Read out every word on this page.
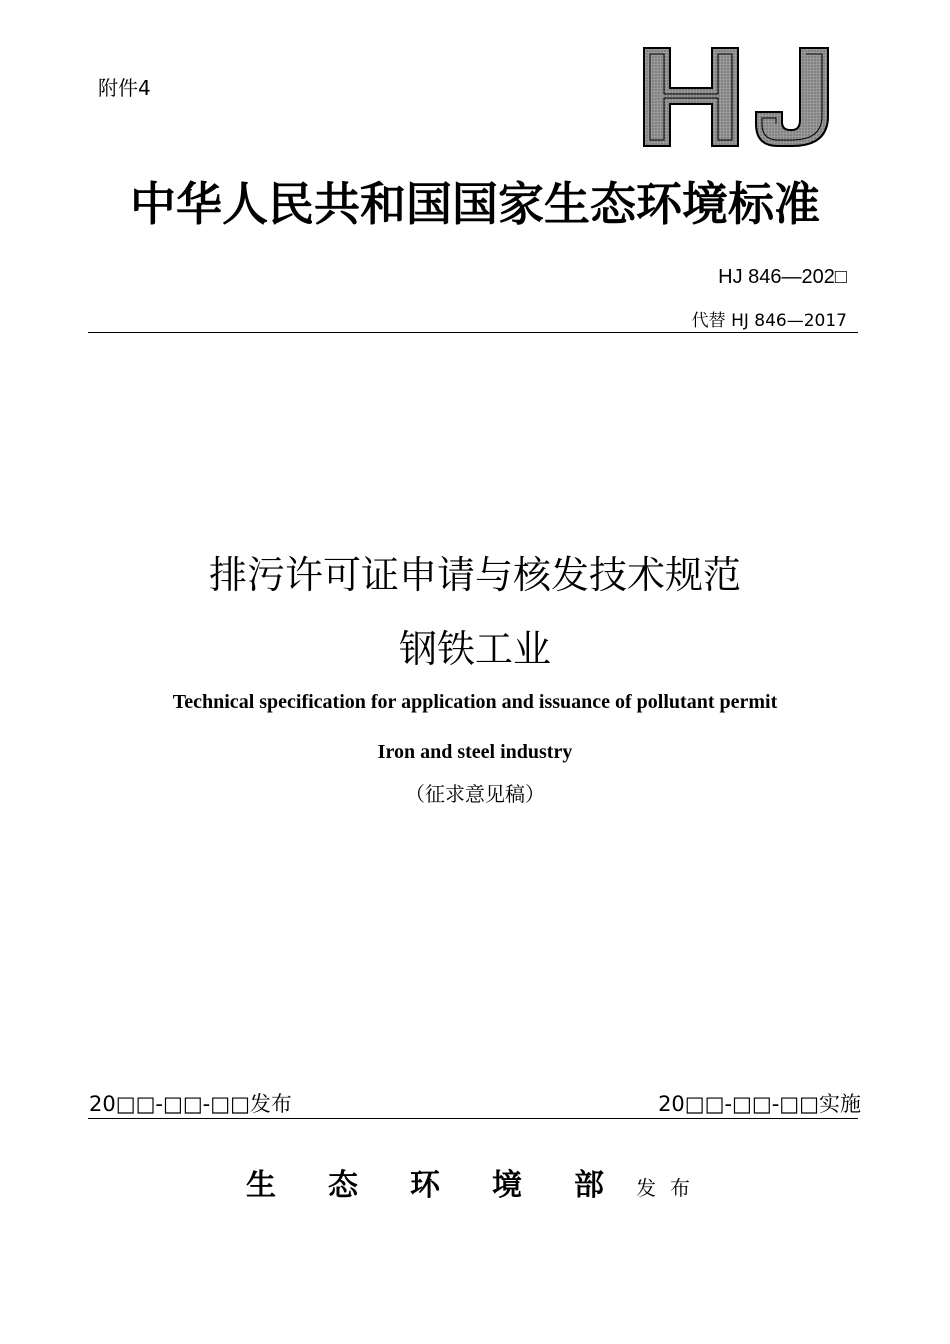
附件4
中华人民共和国国家生态环境标准
HJ 846—202□
代替 HJ 846—2017
排污许可证申请与核发技术规范
钢铁工业
Technical specification for application and issuance of pollutant permit
Iron and steel industry
（征求意见稿）
20□□-□□-□□发布	20□□-□□-□□实施
生态环境部发布
